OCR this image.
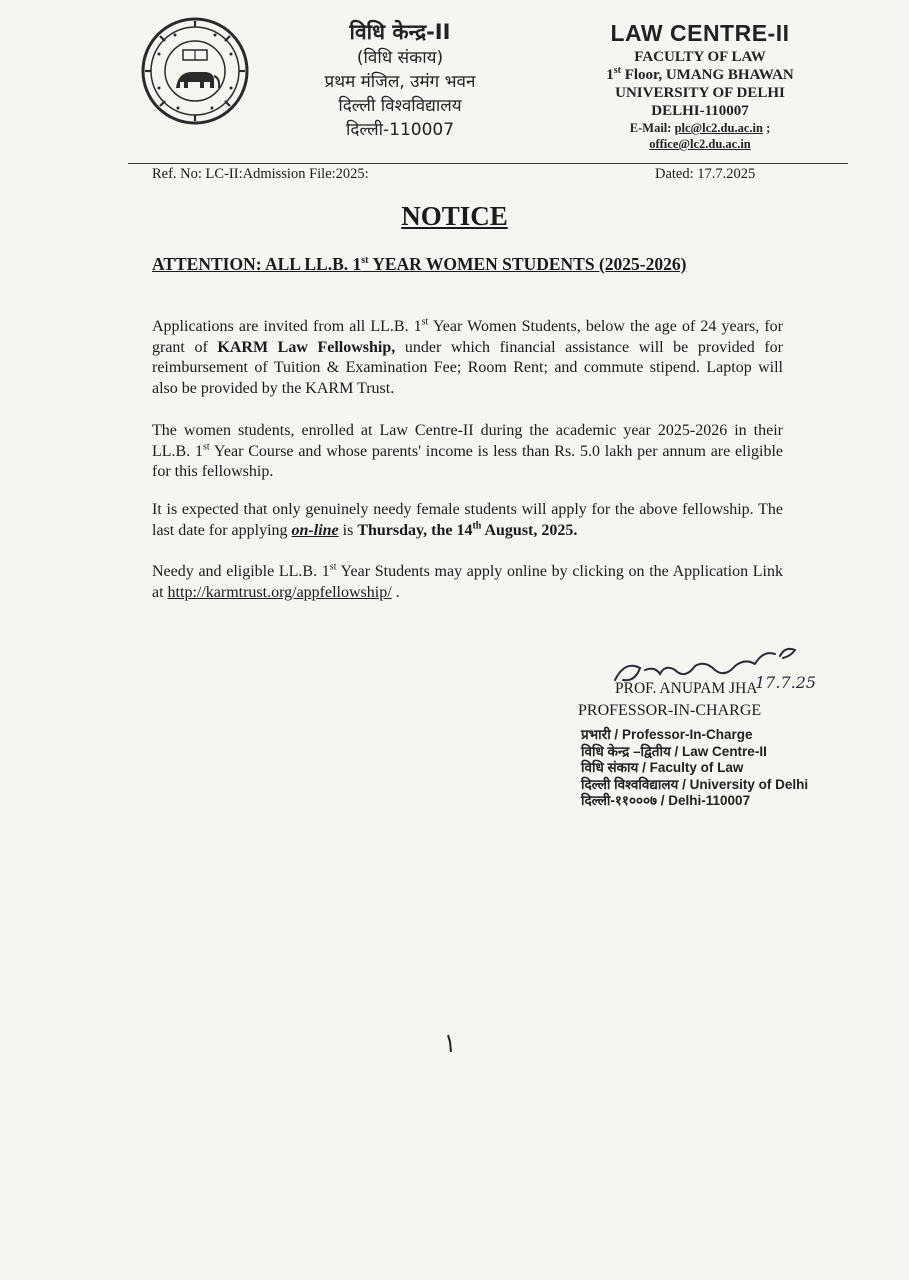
विधि केन्द्र-II
(विधि संकाय)
प्रथम मंजिल, उमंग भवन
दिल्ली विश्वविद्यालय
दिल्ली-110007
LAW CENTRE-II
FACULTY OF LAW
1st Floor, UMANG BHAWAN
UNIVERSITY OF DELHI
DELHI-110007
E-Mail: plc@lc2.du.ac.in ;
office@lc2.du.ac.in
Ref. No: LC-II:Admission File:2025:	Dated: 17.7.2025
NOTICE
ATTENTION: ALL LL.B. 1st YEAR WOMEN STUDENTS (2025-2026)
Applications are invited from all LL.B. 1st Year Women Students, below the age of 24 years, for grant of KARM Law Fellowship, under which financial assistance will be provided for reimbursement of Tuition & Examination Fee; Room Rent; and commute stipend. Laptop will also be provided by the KARM Trust.
The women students, enrolled at Law Centre-II during the academic year 2025-2026 in their LL.B. 1st Year Course and whose parents' income is less than Rs. 5.0 lakh per annum are eligible for this fellowship.
It is expected that only genuinely needy female students will apply for the above fellowship. The last date for applying on-line is Thursday, the 14th August, 2025.
Needy and eligible LL.B. 1st Year Students may apply online by clicking on the Application Link at http://karmtrust.org/appfellowship/ .
17.7.25
PROF. ANUPAM JHA
PROFESSOR-IN-CHARGE
प्रभारी / Professor-In-Charge
विधि केन्द्र –द्वितीय / Law Centre-II
विधि संकाय / Faculty of Law
दिल्ली विश्वविद्यालय / University of Delhi
दिल्ली-११०००७ / Delhi-110007
